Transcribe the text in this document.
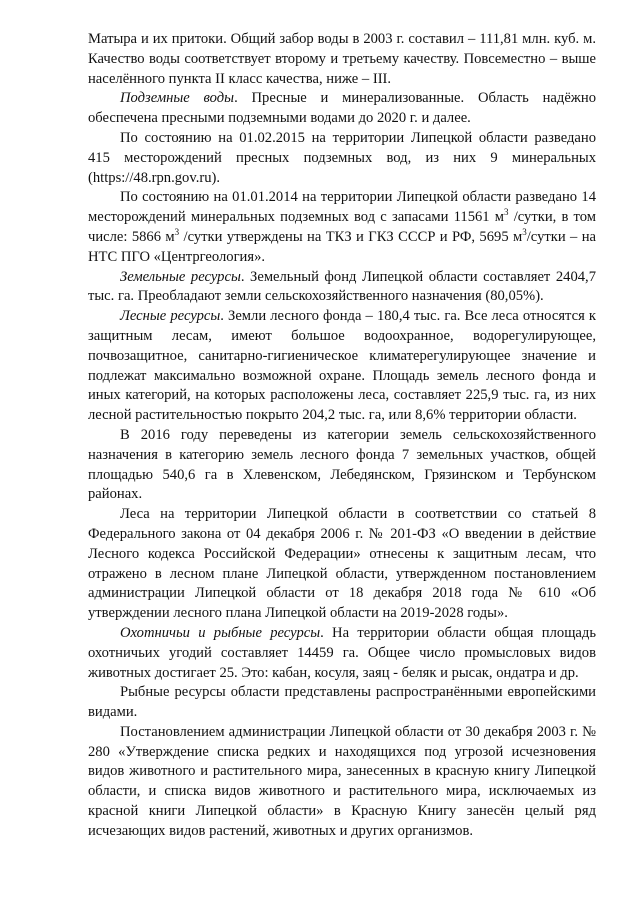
Матыра и их притоки. Общий забор воды в 2003 г. составил – 111,81 млн. куб. м. Качество воды соответствует второму и третьему качеству. Повсеместно – выше населённого пункта II класс качества, ниже – III.

Подземные воды. Пресные и минерализованные. Область надёжно обеспечена пресными подземными водами до 2020 г. и далее.

По состоянию на 01.02.2015 на территории Липецкой области разведано 415 месторождений пресных подземных вод, из них 9 минеральных (https://48.rpn.gov.ru).

По состоянию на 01.01.2014 на территории Липецкой области разведано 14 месторождений минеральных подземных вод с запасами 11561 $м^3$ /сутки, в том числе: 5866 $м^3$ /сутки утверждены на ТКЗ и ГКЗ СССР и РФ, 5695 $м^3$/сутки – на НТС ПГО «Центргеология».

Земельные ресурсы. Земельный фонд Липецкой области составляет 2404,7 тыс. га. Преобладают земли сельскохозяйственного назначения (80,05%).

Лесные ресурсы. Земли лесного фонда – 180,4 тыс. га. Все леса относятся к защитным лесам, имеют большое водоохранное, водорегулирующее, почвозащитное, санитарно-гигиеническое климатерегулирующее значение и подлежат максимально возможной охране. Площадь земель лесного фонда и иных категорий, на которых расположены леса, составляет 225,9 тыс. га, из них лесной растительностью покрыто 204,2 тыс. га, или 8,6% территории области.

В 2016 году переведены из категории земель сельскохозяйственного назначения в категорию земель лесного фонда 7 земельных участков, общей площадью 540,6 га в Хлевенском, Лебедянском, Грязинском и Тербунском районах.

Леса на территории Липецкой области в соответствии со статьей 8 Федерального закона от 04 декабря 2006 г. № 201-ФЗ «О введении в действие Лесного кодекса Российской Федерации» отнесены к защитным лесам, что отражено в лесном плане Липецкой области, утвержденном постановлением администрации Липецкой области от 18 декабря 2018 года № 610 «Об утверждении лесного плана Липецкой области на 2019-2028 годы».

Охотничьи и рыбные ресурсы. На территории области общая площадь охотничьих угодий составляет 14459 га. Общее число промысловых видов животных достигает 25. Это: кабан, косуля, заяц - беляк и рысак, ондатра и др.

Рыбные ресурсы области представлены распространёнными европейскими видами.

Постановлением администрации Липецкой области от 30 декабря 2003 г. № 280 «Утверждение списка редких и находящихся под угрозой исчезновения видов животного и растительного мира, занесенных в красную книгу Липецкой области, и списка видов животного и растительного мира, исключаемых из красной книги Липецкой области» в Красную Книгу занесён целый ряд исчезающих видов растений, животных и других организмов.
